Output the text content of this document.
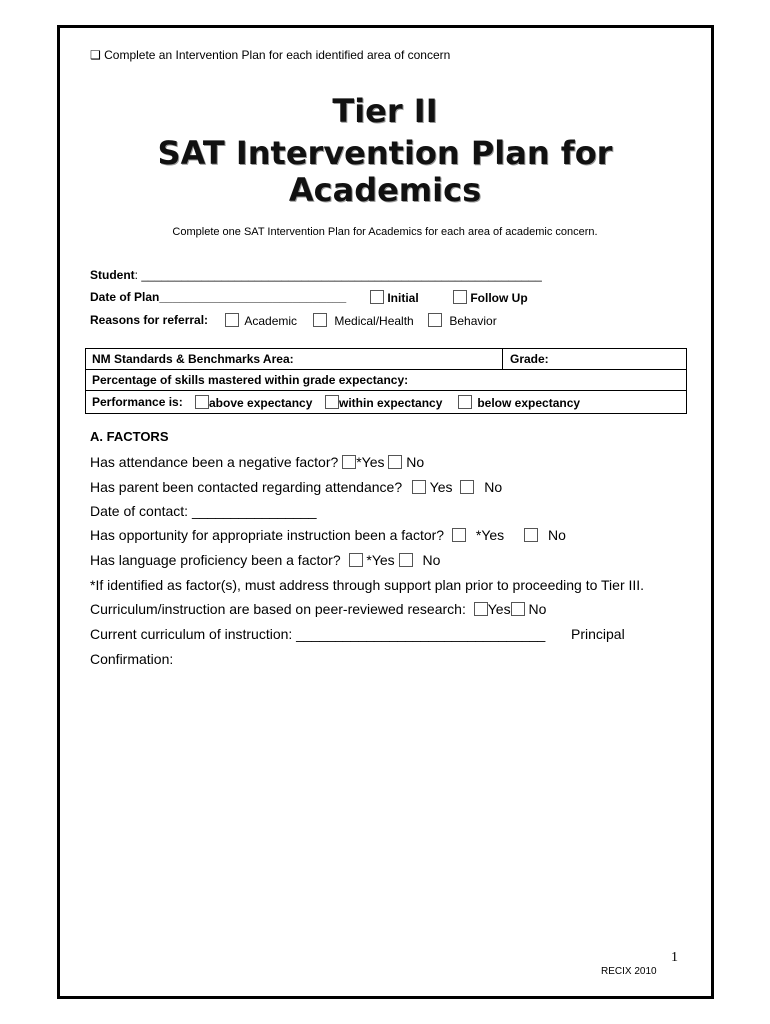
❑ Complete an Intervention Plan for each identified area of concern
Tier II
SAT Intervention Plan for
Academics
Complete one SAT Intervention Plan for Academics for each area of academic concern.
Student: ____________________________________________________________
Date of Plan____________________________	Initial	Follow Up
Reasons for referral:	Academic	Medical/Health	Behavior
NM Standards & Benchmarks Area:	Grade:
Percentage of skills mastered within grade expectancy:
Performance is:	above expectancy	within expectancy	below expectancy
A. FACTORS
Has attendance been a negative factor? *Yes No
Has parent been contacted regarding attendance? Yes No
Date of contact: ________________
Has opportunity for appropriate instruction been a factor? *Yes	No
Has language proficiency been a factor? *Yes No
*If identified as factor(s), must address through support plan prior to proceeding to Tier III.
Curriculum/instruction are based on peer-reviewed research: Yes No
Current curriculum of instruction: ________________________________ Principal
Confirmation:
1
RECIX 2010
